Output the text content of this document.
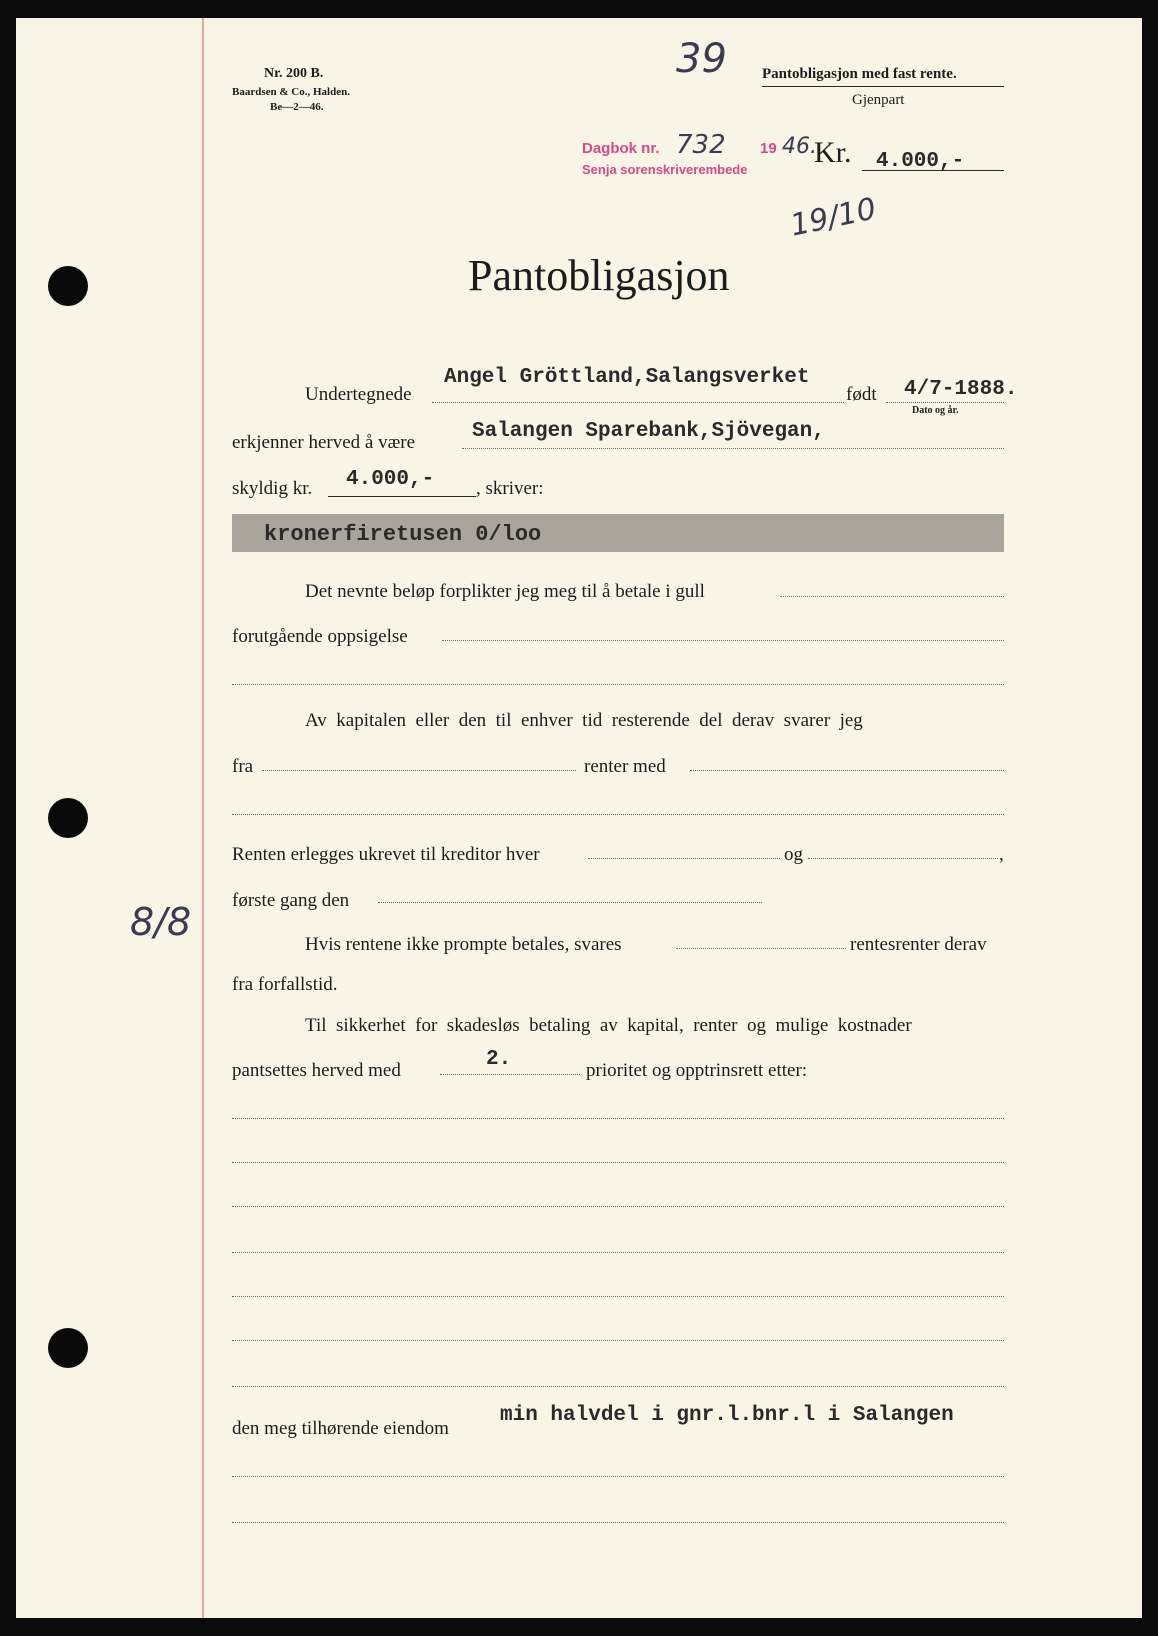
Nr. 200 B.
Baardsen & Co., Halden.
Be—2—46.
39 Pantobligasjon med fast rente.
Gjenpart
Dagbok nr. 732 19 46.
Senja sorenskriverembede
Kr. 4.000,-
19/10
Pantobligasjon
Undertegnede
Angel Gröttland,Salangsverket
født 4/7-1888.
Dato og år.
erkjenner herved å være	Salangen Sparebank,Sjövegan,
skyldig kr. 4.000,- , skriver:
kronerfiretusen 0/loo
Det nevnte beløp forplikter jeg meg til å betale i gull
forutgående oppsigelse
Av  kapitalen  eller  den  til  enhver  tid  resterende  del  derav  svarer  jeg
fra	renter med
Renten erlegges ukrevet til kreditor hver	og	,
første gang den
8/8
Hvis rentene ikke prompte betales, svares	rentesrenter derav
fra forfallstid.
Til  sikkerhet  for  skadesløs  betaling  av  kapital,  renter  og  mulige  kostnader
pantsettes herved med	2.	prioritet og opptrinsrett etter:
den meg tilhørende eiendom
min halvdel i gnr.l.bnr.l i Salangen
